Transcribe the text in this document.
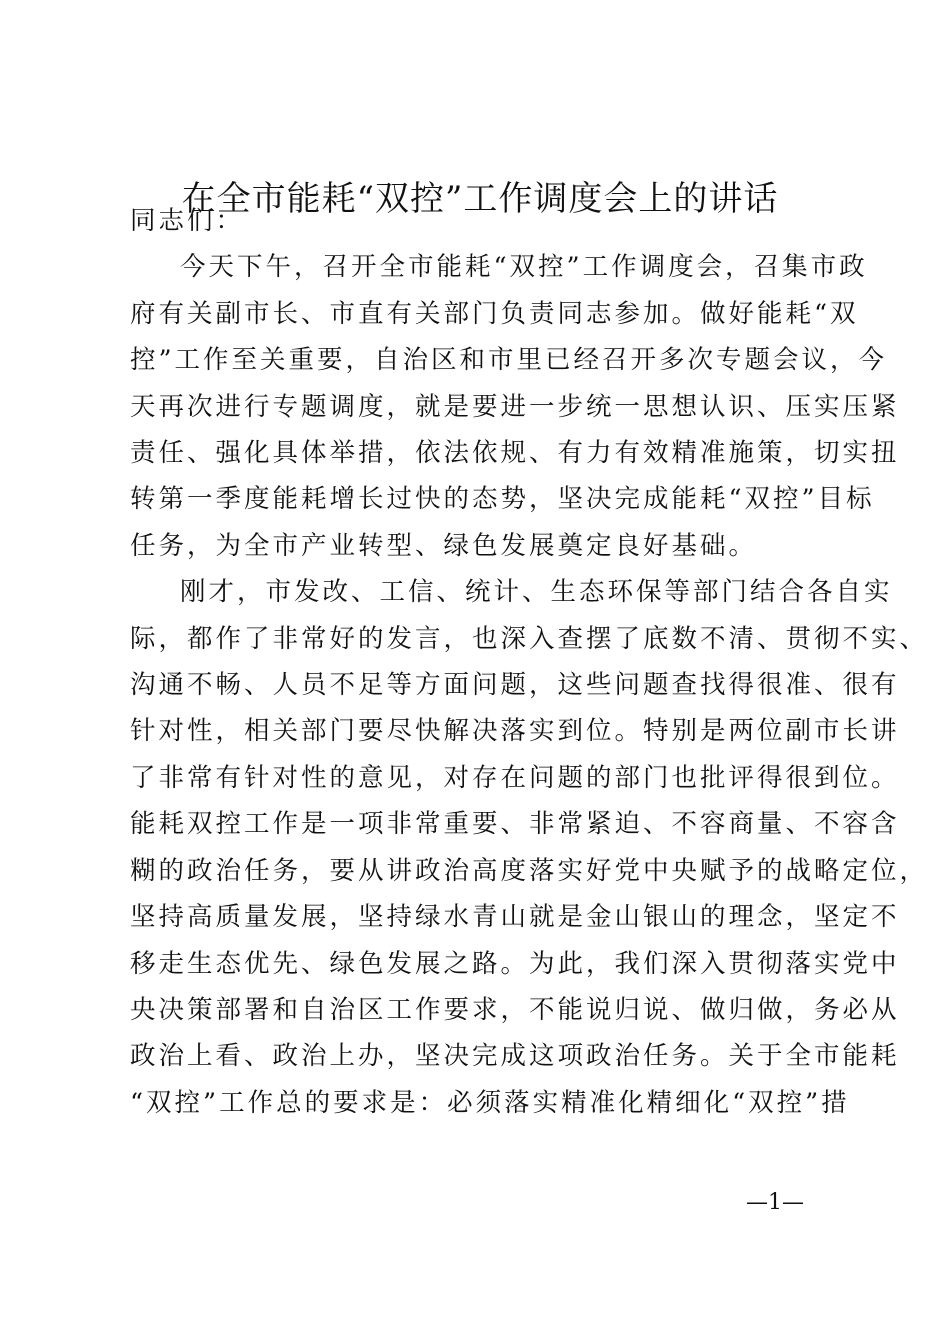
在全市能耗“双控”工作调度会上的讲话

同志们：

今天下午，召开全市能耗“双控”工作调度会，召集市政
府有关副市长、市直有关部门负责同志参加。做好能耗“双
控”工作至关重要，自治区和市里已经召开多次专题会议，今
天再次进行专题调度，就是要进一步统一思想认识、压实压紧
责任、强化具体举措，依法依规、有力有效精准施策，切实扭
转第一季度能耗增长过快的态势，坚决完成能耗“双控”目标
任务，为全市产业转型、绿色发展奠定良好基础。

刚才，市发改、工信、统计、生态环保等部门结合各自实
际，都作了非常好的发言，也深入查摆了底数不清、贯彻不实、
沟通不畅、人员不足等方面问题，这些问题查找得很准、很有
针对性，相关部门要尽快解决落实到位。特别是两位副市长讲
了非常有针对性的意见，对存在问题的部门也批评得很到位。
能耗双控工作是一项非常重要、非常紧迫、不容商量、不容含
糊的政治任务，要从讲政治高度落实好党中央赋予的战略定位，
坚持高质量发展，坚持绿水青山就是金山银山的理念，坚定不
移走生态优先、绿色发展之路。为此，我们深入贯彻落实党中
央决策部署和自治区工作要求，不能说归说、做归做，务必从
政治上看、政治上办，坚决完成这项政治任务。关于全市能耗
“双控”工作总的要求是：必须落实精准化精细化“双控”措

—1—
